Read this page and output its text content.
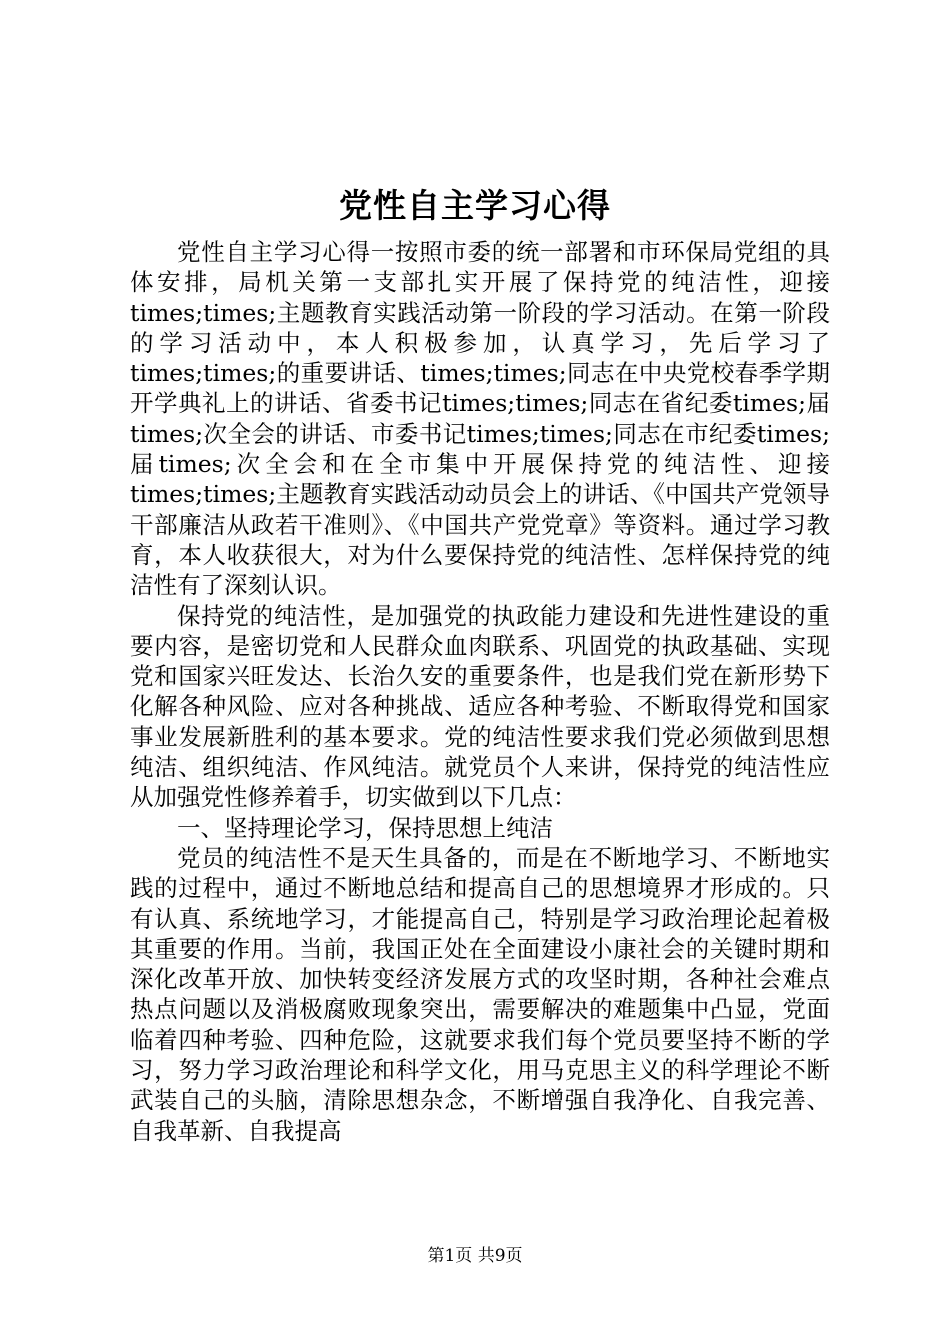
党性自主学习心得

党性自主学习心得一按照市委的统一部署和市环保局党组的具体安排，局机关第一支部扎实开展了保持党的纯洁性，迎接times;times;主题教育实践活动第一阶段的学习活动。在第一阶段的学习活动中，本人积极参加，认真学习，先后学习了times;times;的重要讲话、times;times;同志在中央党校春季学期开学典礼上的讲话、省委书记times;times;同志在省纪委times;届times;次全会的讲话、市委书记times;times;同志在市纪委times;届times;次全会和在全市集中开展保持党的纯洁性、迎接times;times;主题教育实践活动动员会上的讲话、《中国共产党领导干部廉洁从政若干准则》、《中国共产党党章》等资料。通过学习教育，本人收获很大，对为什么要保持党的纯洁性、怎样保持党的纯洁性有了深刻认识。

保持党的纯洁性，是加强党的执政能力建设和先进性建设的重要内容，是密切党和人民群众血肉联系、巩固党的执政基础、实现党和国家兴旺发达、长治久安的重要条件，也是我们党在新形势下化解各种风险、应对各种挑战、适应各种考验、不断取得党和国家事业发展新胜利的基本要求。党的纯洁性要求我们党必须做到思想纯洁、组织纯洁、作风纯洁。就党员个人来讲，保持党的纯洁性应从加强党性修养着手，切实做到以下几点：

一、坚持理论学习，保持思想上纯洁

党员的纯洁性不是天生具备的，而是在不断地学习、不断地实践的过程中，通过不断地总结和提高自己的思想境界才形成的。只有认真、系统地学习，才能提高自己，特别是学习政治理论起着极其重要的作用。当前，我国正处在全面建设小康社会的关键时期和深化改革开放、加快转变经济发展方式的攻坚时期，各种社会难点热点问题以及消极腐败现象突出，需要解决的难题集中凸显，党面临着四种考验、四种危险，这就要求我们每个党员要坚持不断的学习，努力学习政治理论和科学文化，用马克思主义的科学理论不断武装自己的头脑，清除思想杂念，不断增强自我净化、自我完善、自我革新、自我提高

第1页 共9页
